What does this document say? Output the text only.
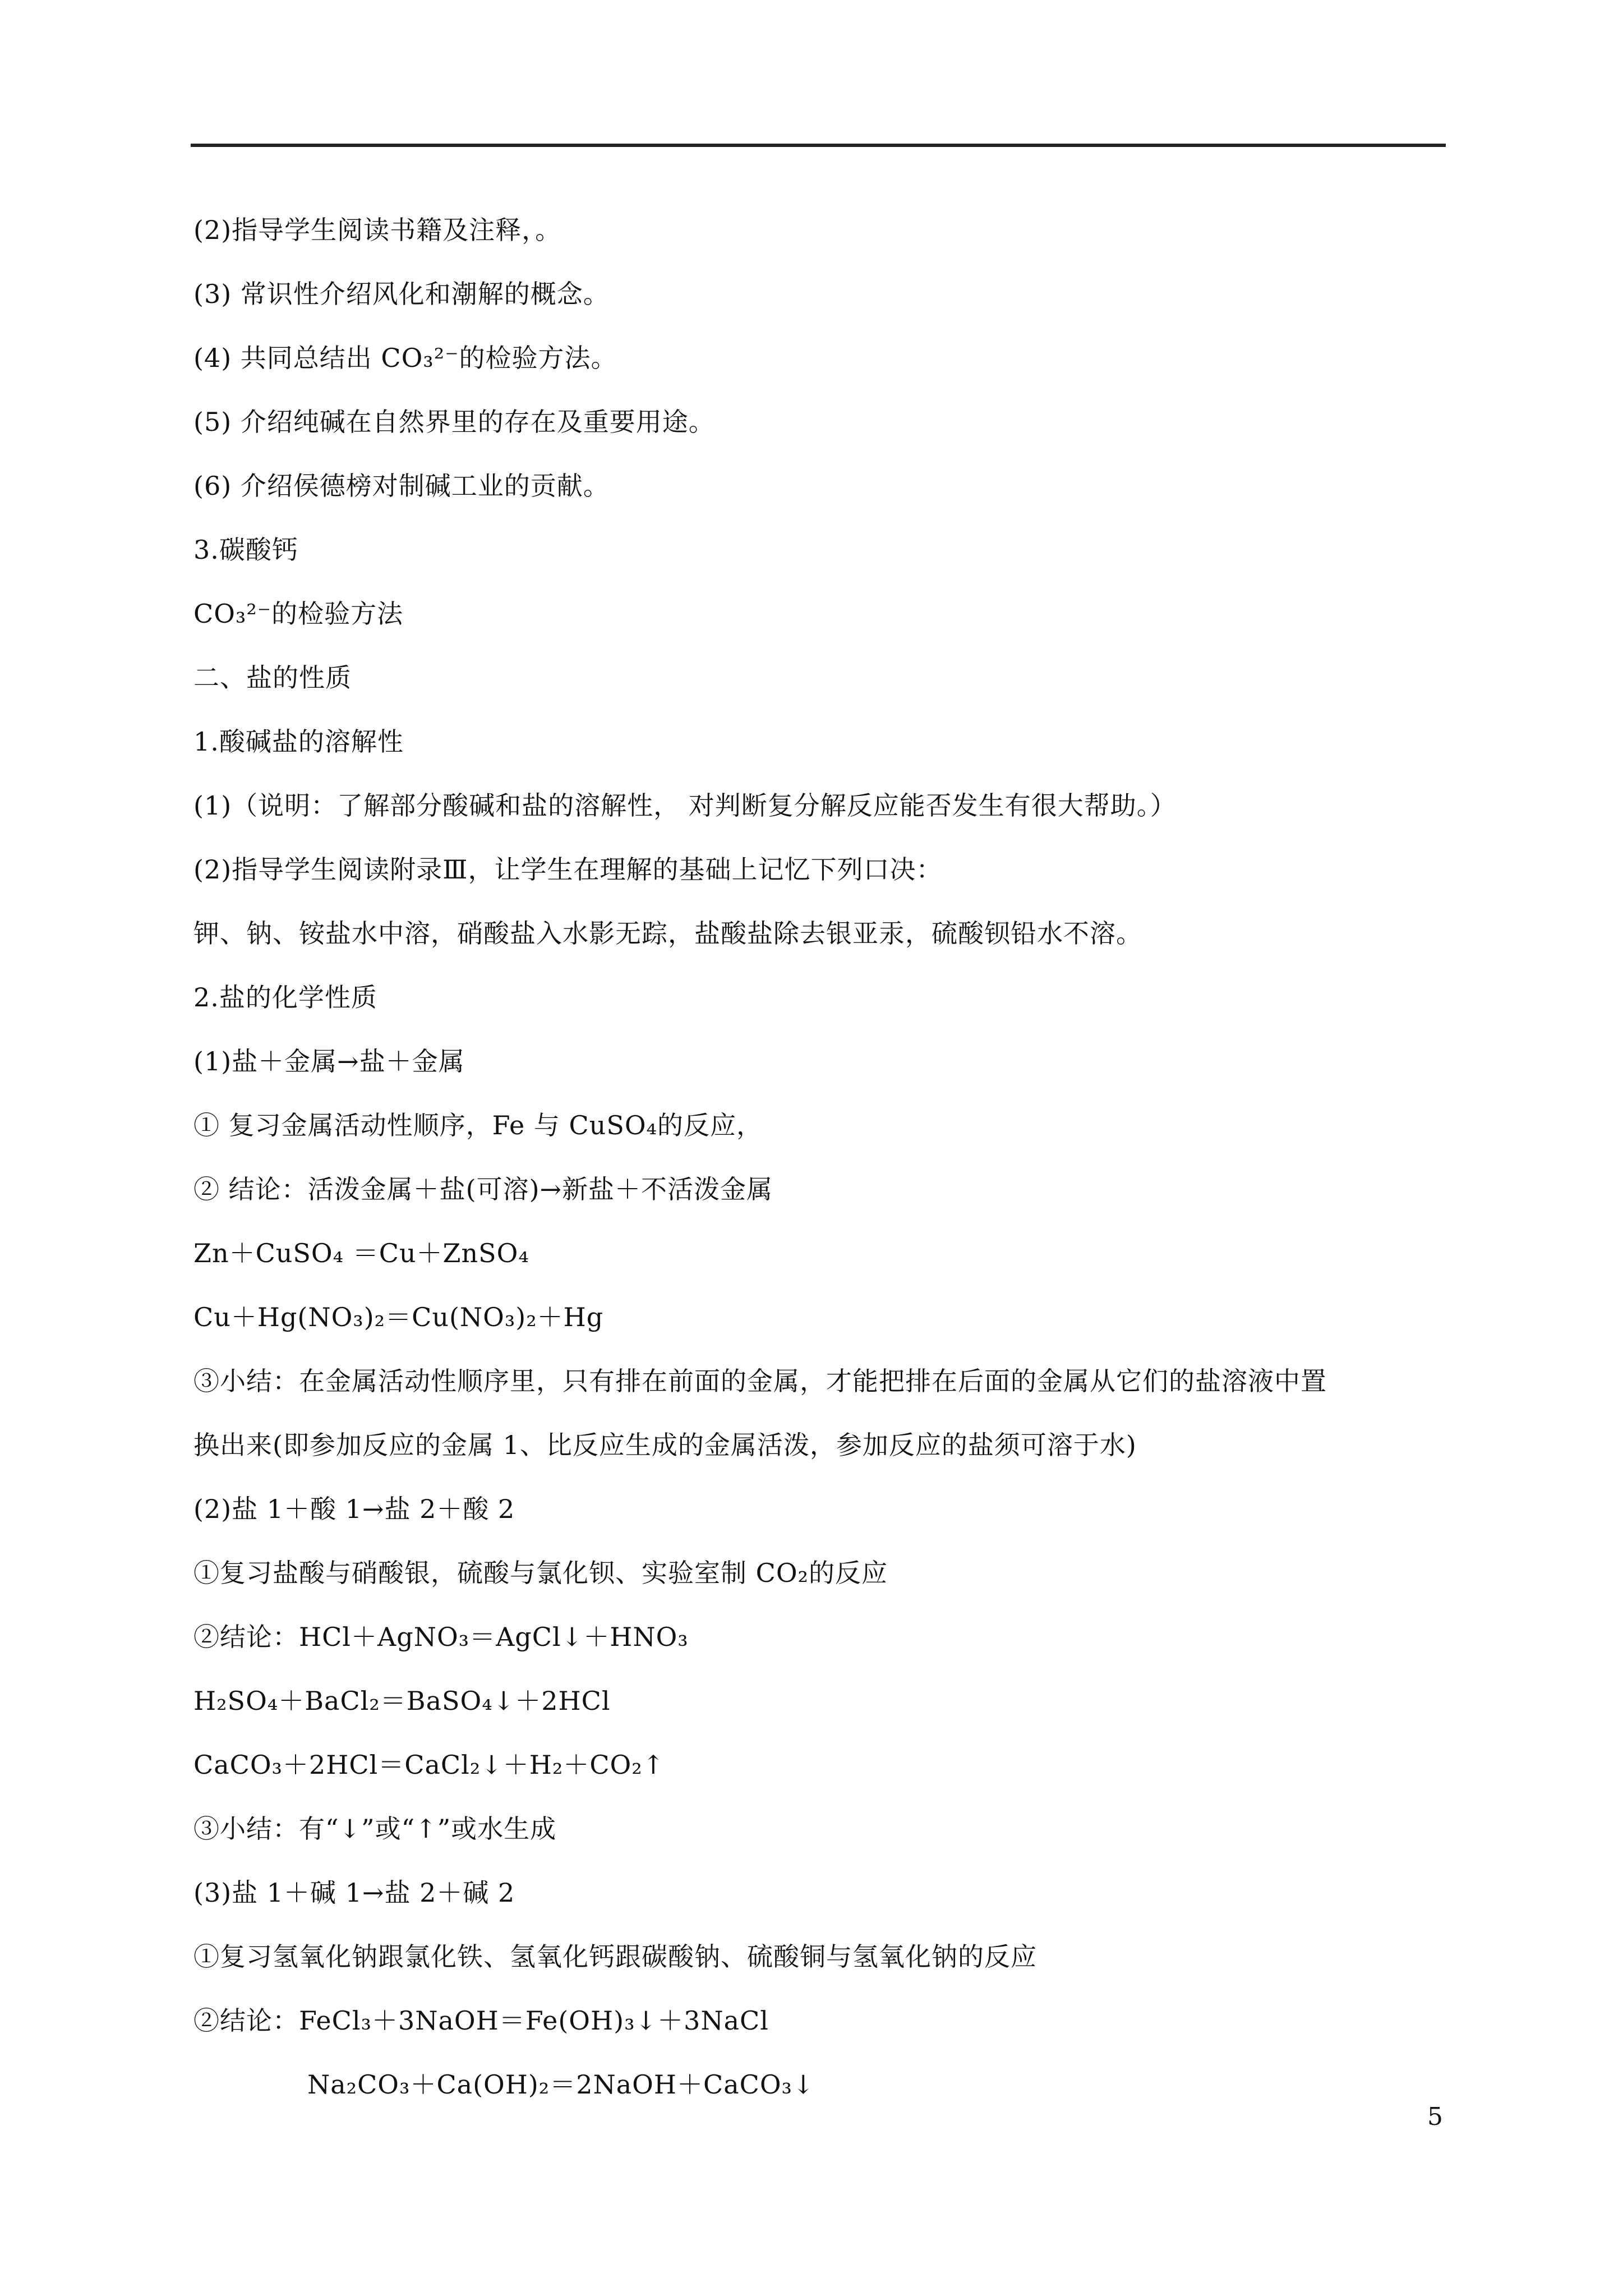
(2)指导学生阅读书籍及注释，。
(3) 常识性介绍风化和潮解的概念。
(4) 共同总结出 CO₃²⁻的检验方法。
(5) 介绍纯碱在自然界里的存在及重要用途。
(6) 介绍侯德榜对制碱工业的贡献。
3.碳酸钙
CO₃²⁻的检验方法
二、盐的性质
1.酸碱盐的溶解性
(1)（说明：了解部分酸碱和盐的溶解性， 对判断复分解反应能否发生有很大帮助。）
(2)指导学生阅读附录Ⅲ，让学生在理解的基础上记忆下列口决：
钾、钠、铵盐水中溶，硝酸盐入水影无踪，盐酸盐除去银亚汞，硫酸钡铅水不溶。
2.盐的化学性质
(1)盐＋金属→盐＋金属
① 复习金属活动性顺序，Fe 与 CuSO₄的反应，
② 结论：活泼金属＋盐(可溶)→新盐＋不活泼金属
Zn＋CuSO₄ ＝Cu＋ZnSO₄
Cu＋Hg(NO₃)₂＝Cu(NO₃)₂＋Hg
③小结：在金属活动性顺序里，只有排在前面的金属，才能把排在后面的金属从它们的盐溶液中置
换出来(即参加反应的金属 1、比反应生成的金属活泼，参加反应的盐须可溶于水)
(2)盐 1＋酸 1→盐 2＋酸 2
①复习盐酸与硝酸银，硫酸与氯化钡、实验室制 CO₂的反应
②结论：HCl＋AgNO₃＝AgCl↓＋HNO₃
H₂SO₄＋BaCl₂＝BaSO₄↓＋2HCl
CaCO₃＋2HCl＝CaCl₂↓＋H₂＋CO₂↑
③小结：有“↓”或“↑”或水生成
(3)盐 1＋碱 1→盐 2＋碱 2
①复习氢氧化钠跟氯化铁、氢氧化钙跟碳酸钠、硫酸铜与氢氧化钠的反应
②结论：FeCl₃＋3NaOH＝Fe(OH)₃↓＋3NaCl
Na₂CO₃＋Ca(OH)₂＝2NaOH＋CaCO₃↓
5
